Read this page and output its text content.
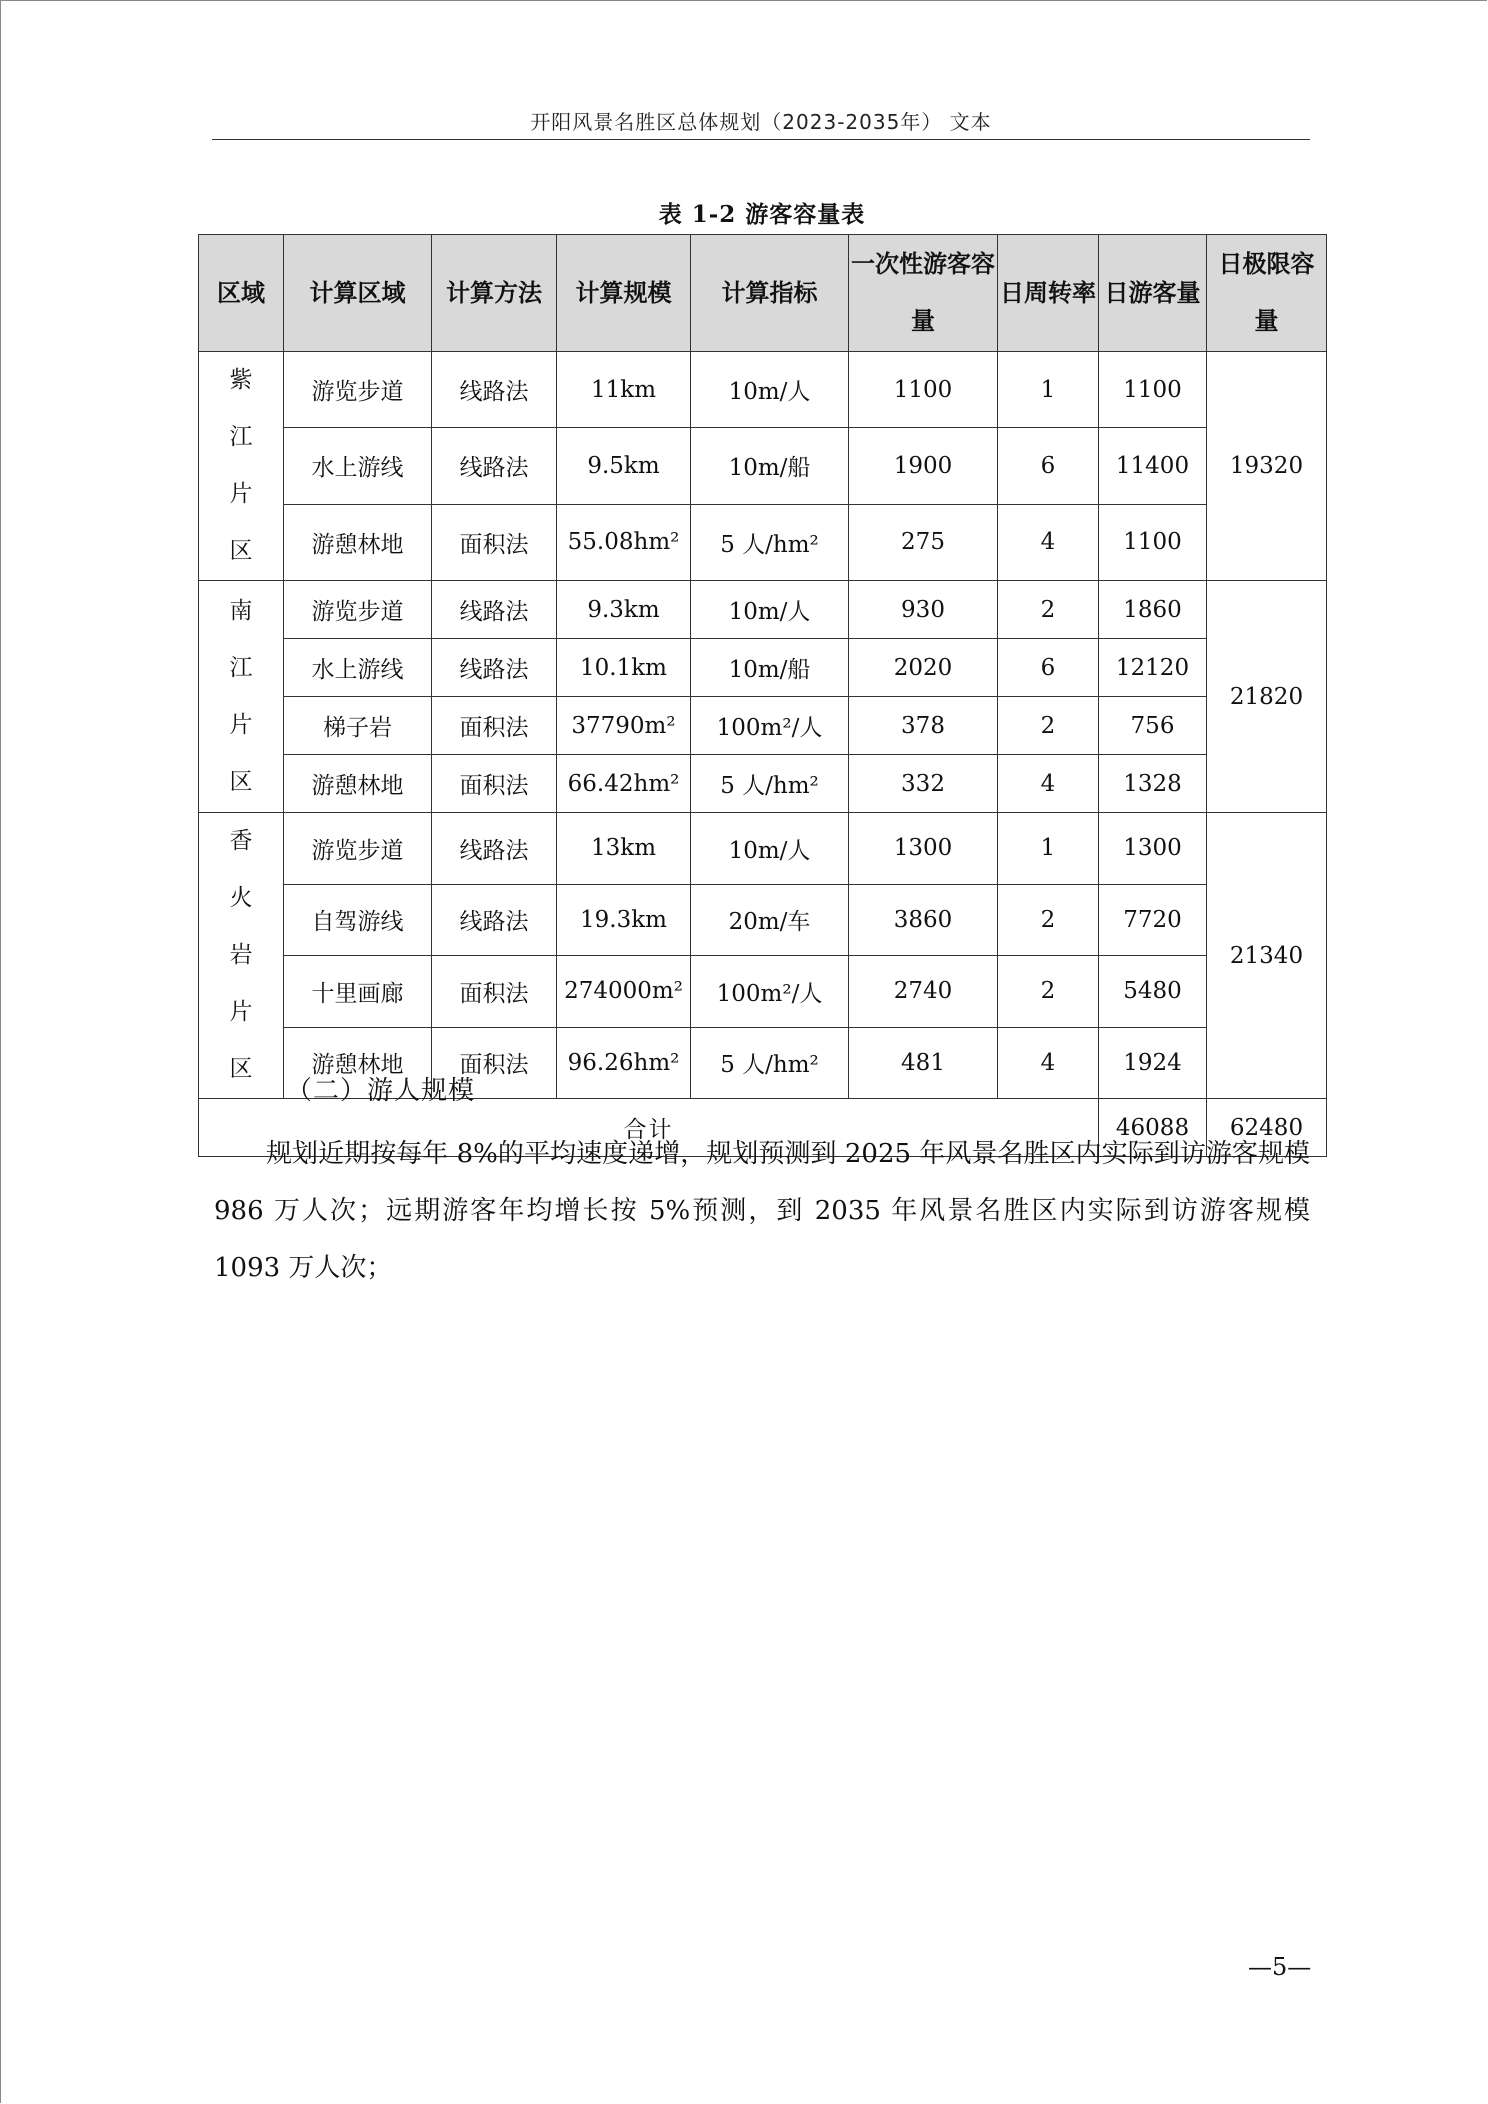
开阳风景名胜区总体规划（2023-2035年） 文本
表 1-2 游客容量表
区域	计算区域	计算方法	计算规模	计算指标	一次性游客容量	日周转率	日游客量	日极限容量
紫江片区	游览步道	线路法	11km	10m/人	1100	1	1100	19320
	水上游线	线路法	9.5km	10m/船	1900	6	11400	
	游憩林地	面积法	55.08hm²	5 人/hm²	275	4	1100	
南江片区	游览步道	线路法	9.3km	10m/人	930	2	1860	21820
	水上游线	线路法	10.1km	10m/船	2020	6	12120	
	梯子岩	面积法	37790m²	100m²/人	378	2	756	
	游憩林地	面积法	66.42hm²	5 人/hm²	332	4	1328	
香火岩片区	游览步道	线路法	13km	10m/人	1300	1	1300	21340
	自驾游线	线路法	19.3km	20m/车	3860	2	7720	
	十里画廊	面积法	274000m²	100m²/人	2740	2	5480	
	游憩林地	面积法	96.26hm²	5 人/hm²	481	4	1924	
合计							46088	62480
（二）游人规模
规划近期按每年 8%的平均速度递增，规划预测到 2025 年风景名胜区内实际到访游客规模 986 万人次；远期游客年均增长按 5%预测，到 2035 年风景名胜区内实际到访游客规模 1093 万人次；
—5—
